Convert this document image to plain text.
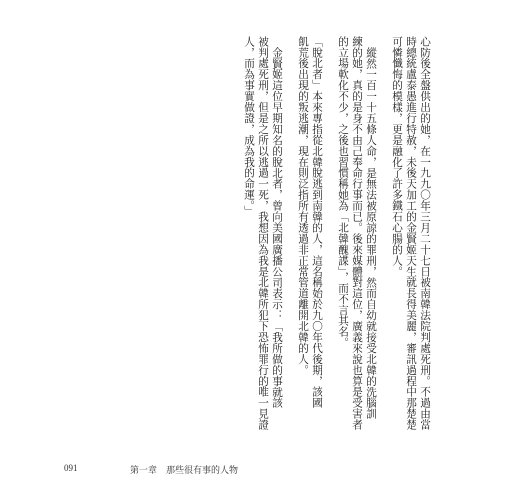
心防後全盤供出的她，在一九九〇年三月二十七日被南韓法院判處死刑。不過由當
時總統盧泰愚進行特赦，未後天加工的金賢姬天生就長得美麗，審訊過程中那楚楚
可憐懺悔的模樣，更是融化了許多鐵石心腸的人。
縱然一百一十五條人命，是無法被原諒的罪刑，然而自幼就接受北韓的洗腦訓
練的她，真的是身不由己奉命行事而已。後來媒體對這位，廣義來說也算是受害者
的立場軟化不少，之後也習慣稱她為「北韓醜諜」，而不言其名。
「脫北者」本來專指從北韓脫逃到南韓的人，這名稱始於九〇年代後期，該國
飢荒後出現的叛逃潮，現在則泛指所有透過非正常管道離開北韓的人。
金賢姬這位早期知名的脫北者，曾向美國廣播公司表示：「我所做的事就該
被判處死刑，但是之所以逃過一死，我想因為我是北韓所犯下恐怖罪行的唯一見證
人，而為事實做證，成為我的命運。」
091	第一章　那些很有事的人物
